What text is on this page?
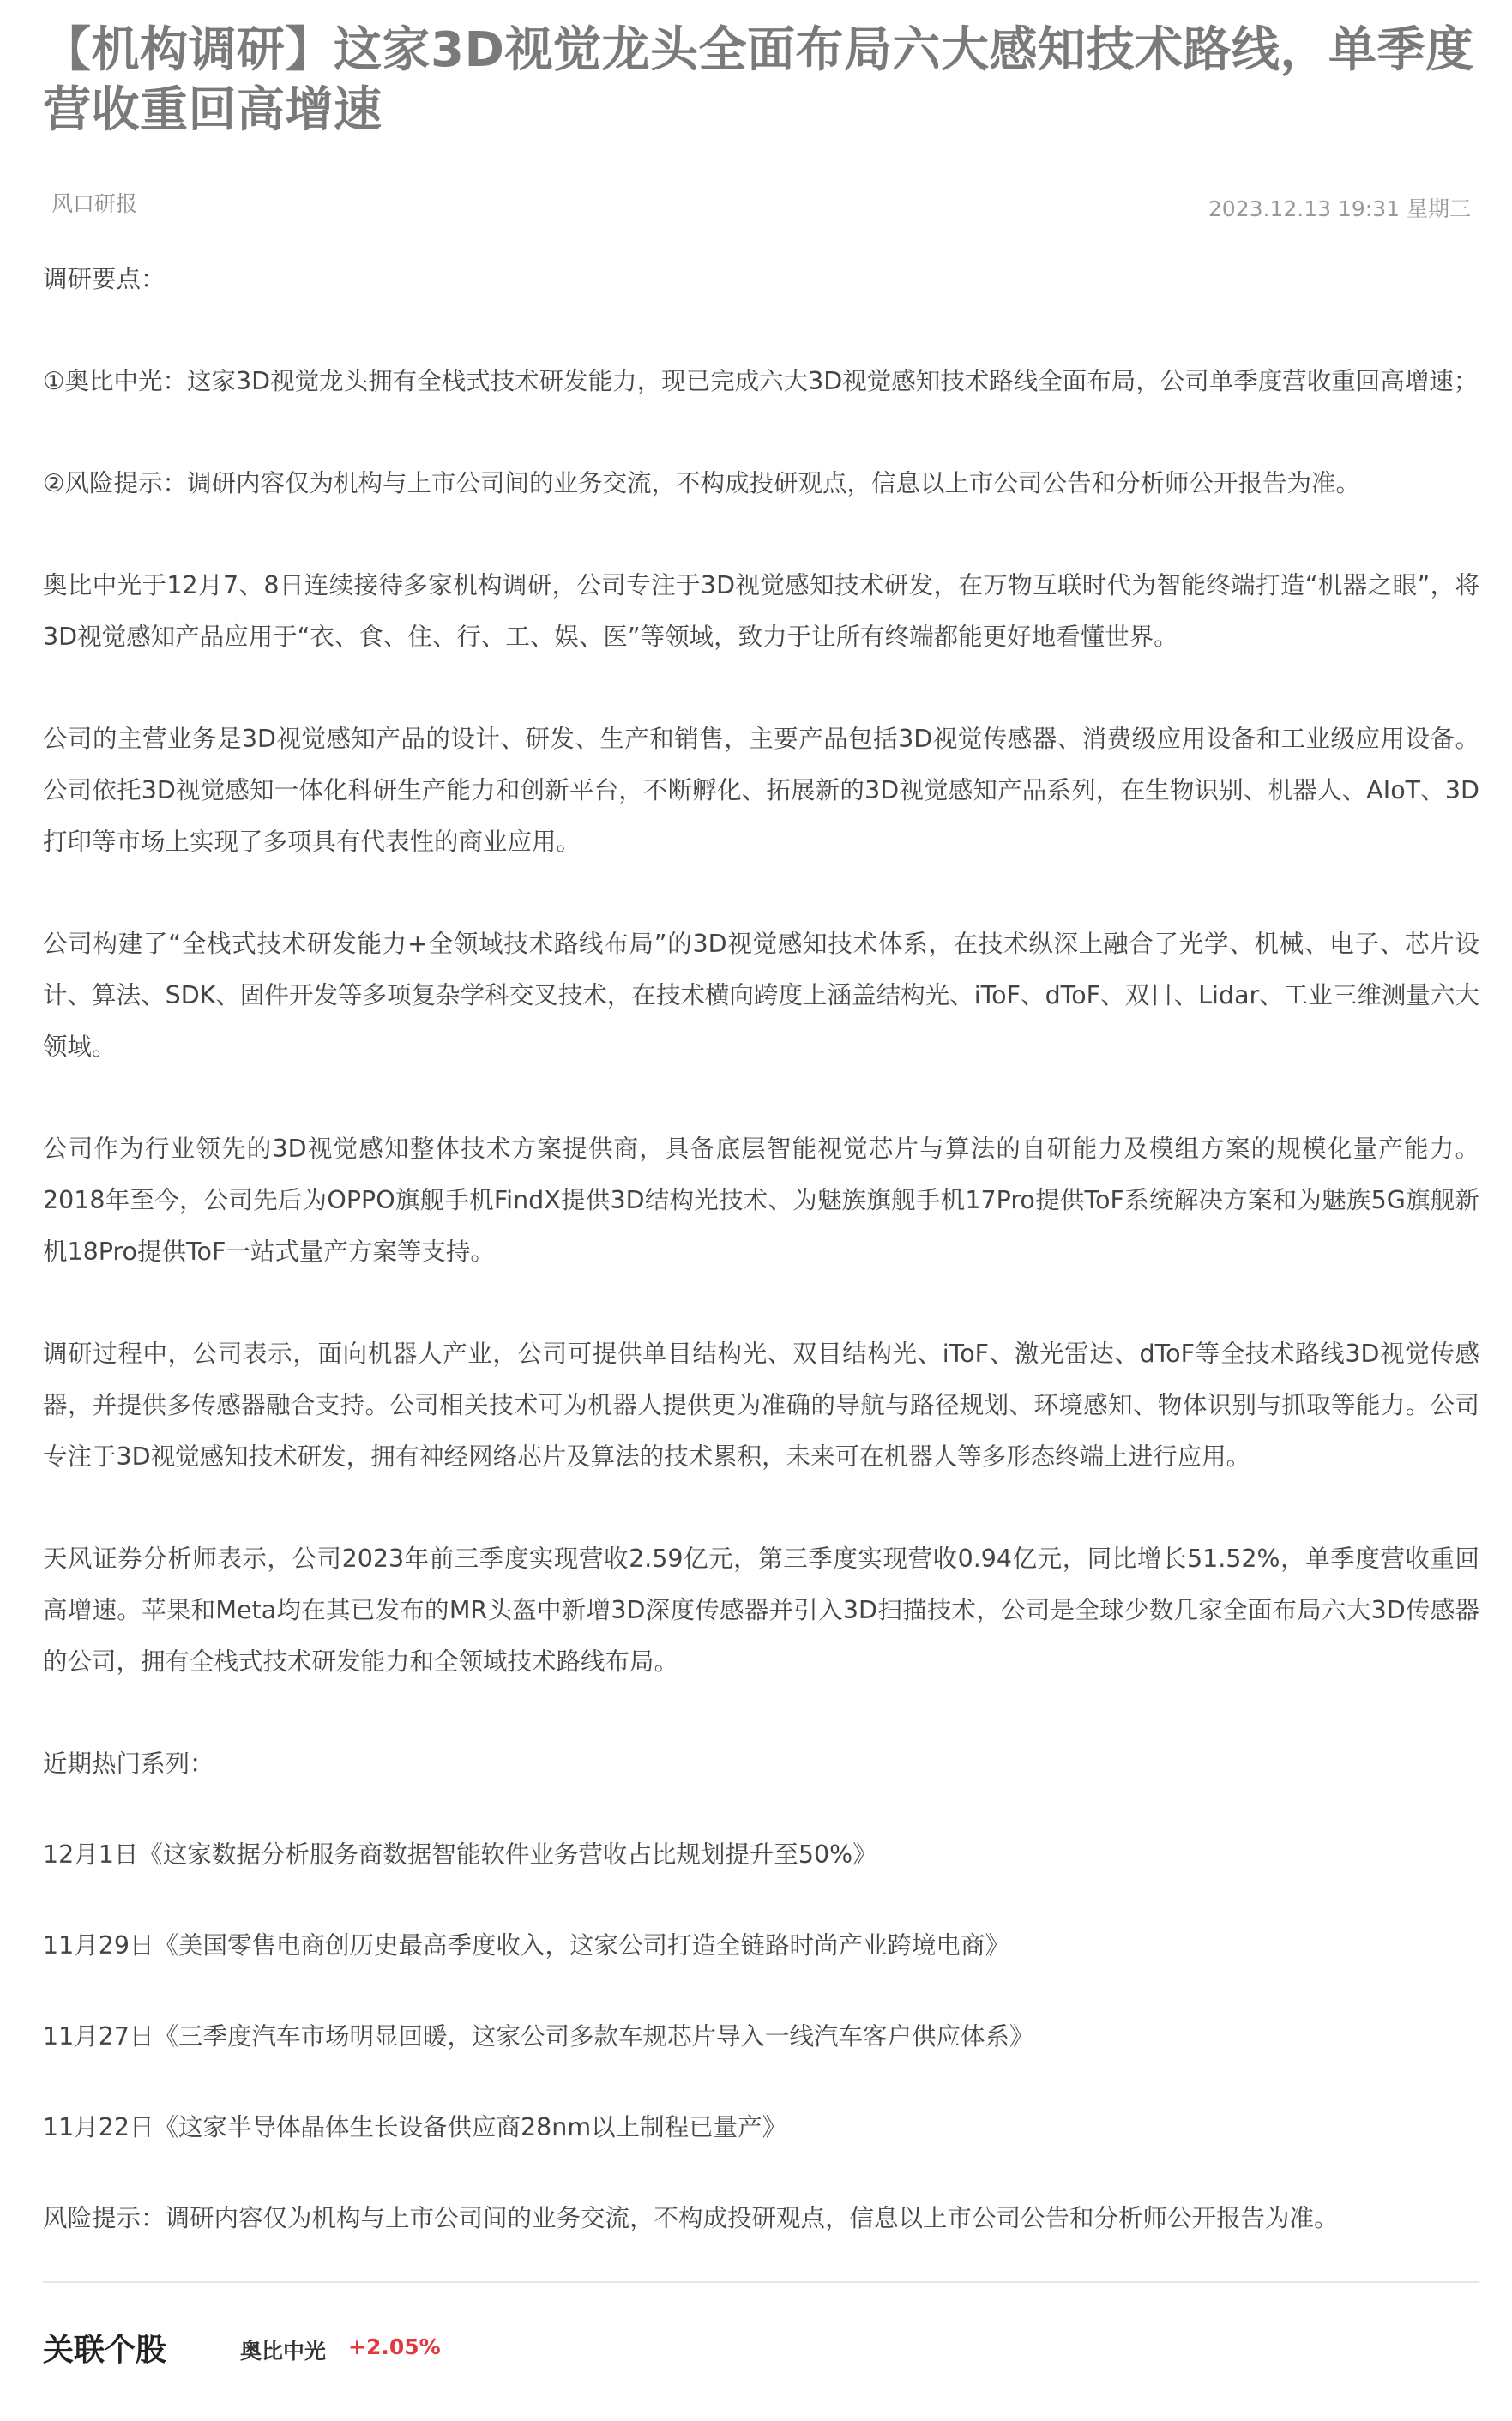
【机构调研】这家3D视觉龙头全面布局六大感知技术路线，单季度营收重回高增速
风口研报	2023.12.13 19:31 星期三

调研要点：

①奥比中光：这家3D视觉龙头拥有全栈式技术研发能力，现已完成六大3D视觉感知技术路线全面布局，公司单季度营收重回高增速；

②风险提示：调研内容仅为机构与上市公司间的业务交流，不构成投研观点，信息以上市公司公告和分析师公开报告为准。

奥比中光于12月7、8日连续接待多家机构调研，公司专注于3D视觉感知技术研发，在万物互联时代为智能终端打造“机器之眼”，将3D视觉感知产品应用于“衣、食、住、行、工、娱、医”等领域，致力于让所有终端都能更好地看懂世界。

公司的主营业务是3D视觉感知产品的设计、研发、生产和销售，主要产品包括3D视觉传感器、消费级应用设备和工业级应用设备。公司依托3D视觉感知一体化科研生产能力和创新平台，不断孵化、拓展新的3D视觉感知产品系列，在生物识别、机器人、AIoT、3D打印等市场上实现了多项具有代表性的商业应用。

公司构建了“全栈式技术研发能力+全领域技术路线布局”的3D视觉感知技术体系，在技术纵深上融合了光学、机械、电子、芯片设计、算法、SDK、固件开发等多项复杂学科交叉技术，在技术横向跨度上涵盖结构光、iToF、dToF、双目、Lidar、工业三维测量六大领域。

公司作为行业领先的3D视觉感知整体技术方案提供商，具备底层智能视觉芯片与算法的自研能力及模组方案的规模化量产能力。2018年至今，公司先后为OPPO旗舰手机FindX提供3D结构光技术、为魅族旗舰手机17Pro提供ToF系统解决方案和为魅族5G旗舰新机18Pro提供ToF一站式量产方案等支持。

调研过程中，公司表示，面向机器人产业，公司可提供单目结构光、双目结构光、iToF、激光雷达、dToF等全技术路线3D视觉传感器，并提供多传感器融合支持。公司相关技术可为机器人提供更为准确的导航与路径规划、环境感知、物体识别与抓取等能力。公司专注于3D视觉感知技术研发，拥有神经网络芯片及算法的技术累积，未来可在机器人等多形态终端上进行应用。

天风证券分析师表示，公司2023年前三季度实现营收2.59亿元，第三季度实现营收0.94亿元，同比增长51.52%，单季度营收重回高增速。苹果和Meta均在其已发布的MR头盔中新增3D深度传感器并引入3D扫描技术，公司是全球少数几家全面布局六大3D传感器的公司，拥有全栈式技术研发能力和全领域技术路线布局。

近期热门系列：

12月1日《这家数据分析服务商数据智能软件业务营收占比规划提升至50%》

11月29日《美国零售电商创历史最高季度收入，这家公司打造全链路时尚产业跨境电商》

11月27日《三季度汽车市场明显回暖，这家公司多款车规芯片导入一线汽车客户供应体系》

11月22日《这家半导体晶体生长设备供应商28nm以上制程已量产》

风险提示：调研内容仅为机构与上市公司间的业务交流，不构成投研观点，信息以上市公司公告和分析师公开报告为准。

关联个股	奥比中光 +2.05%
